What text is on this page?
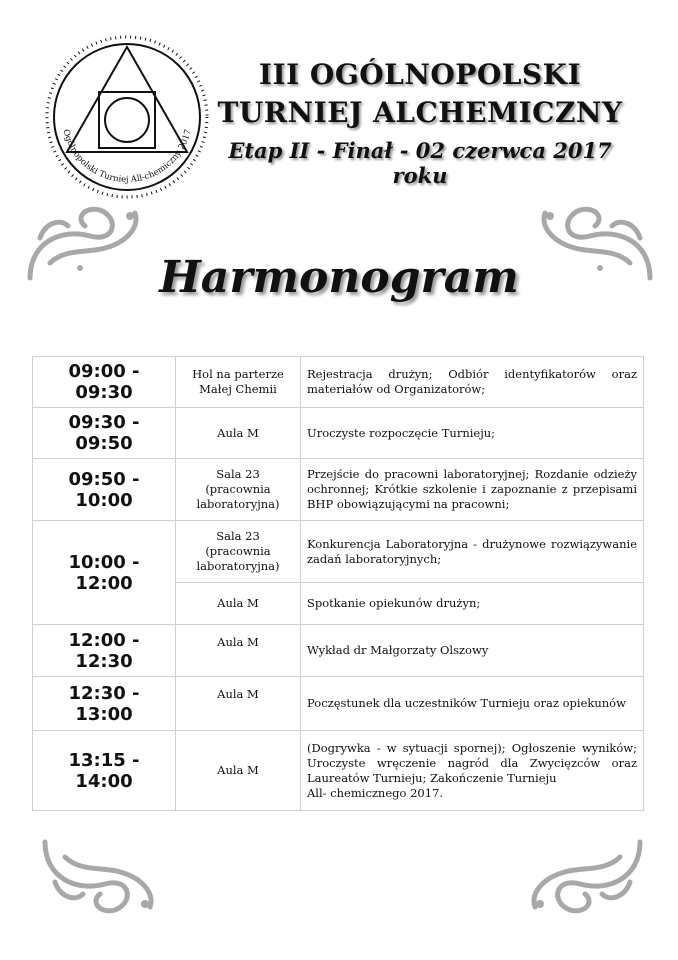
Ogólnopolski Turniej All-chemiczny 2017
III OGÓLNOPOLSKI
TURNIEJ ALCHEMICZNY
Etap II - Finał - 02 czerwca 2017 roku
Harmonogram
09:00 - 09:30	Hol na parterze
Małej Chemii	Rejestracja drużyn; Odbiór identyfikatorów oraz materiałów od Organizatorów;
09:30 - 09:50	Aula M	Uroczyste rozpoczęcie Turnieju;
09:50 - 10:00	Sala 23
(pracownia
laboratoryjna)	Przejście do pracowni laboratoryjnej; Rozdanie odzieży ochronnej; Krótkie szkolenie i zapoznanie z przepisami BHP obowiązującymi na pracowni;
10:00 - 12:00	Sala 23
(pracownia
laboratoryjna)	Konkurencja Laboratoryjna - drużynowe rozwiązywanie zadań laboratoryjnych;

	Aula M	Spotkanie opiekunów drużyn;
12:00 - 12:30	Aula M	Wykład dr Małgorzaty Olszowy
12:30 - 13:00	Aula M	Poczęstunek dla uczestników Turnieju oraz opiekunów
13:15 - 14:00	Aula M	(Dogrywka - w sytuacji spornej); Ogłoszenie wyników; Uroczyste wręczenie nagród dla Zwycięzców oraz Laureatów Turnieju; Zakończenie Turnieju
All- chemicznego 2017.
